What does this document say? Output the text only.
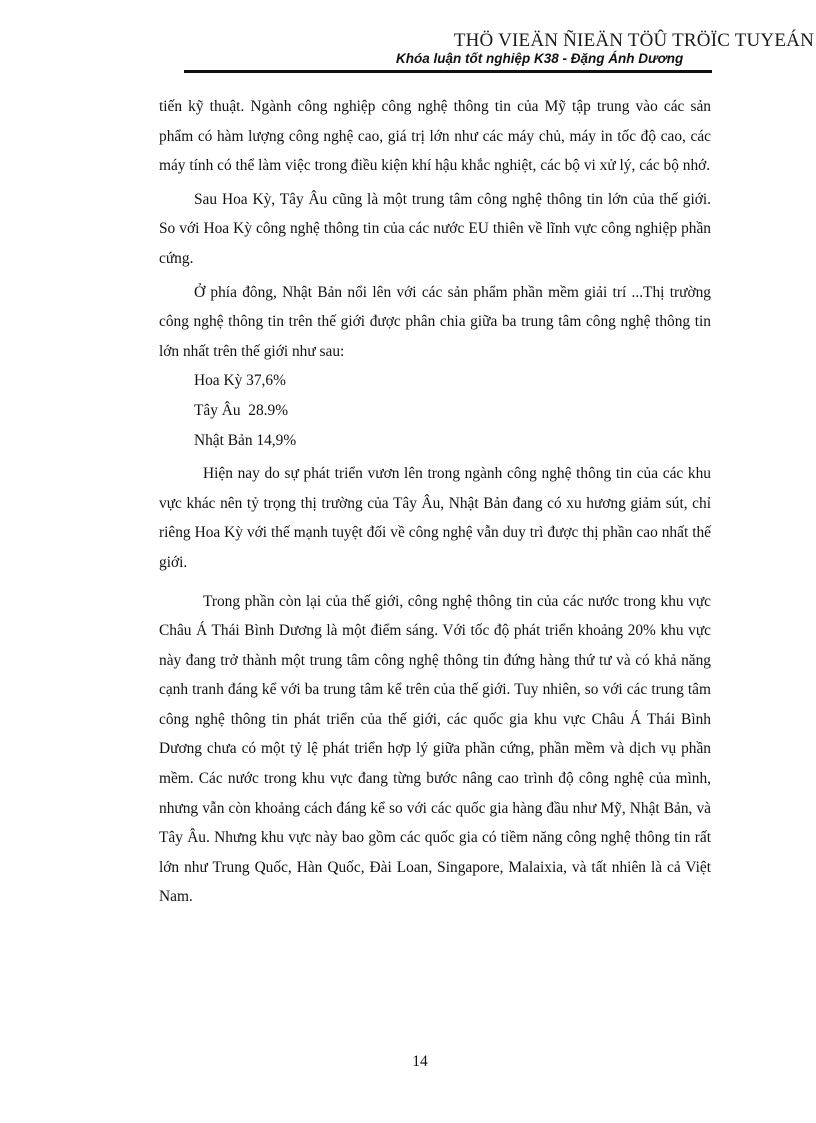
THÖ VIEÄN ÑIEÄN TÖÛ TRÖÏC TUYEÁN
Khóa luận tốt nghiệp K38 - Đặng Ánh Dương

tiến kỹ thuật. Ngành công nghiệp công nghệ thông tin của Mỹ tập trung vào các sản phẩm có hàm lượng công nghệ cao, giá trị lớn như các máy chủ, máy in tốc độ cao, các máy tính có thể làm việc trong điều kiện khí hậu khắc nghiệt, các bộ vi xử lý, các bộ nhớ.

Sau Hoa Kỳ, Tây Âu cũng là một trung tâm công nghệ thông tin lớn của thế giới. So với Hoa Kỳ công nghệ thông tin của các nước EU thiên về lĩnh vực công nghiệp phần cứng.

Ở phía đông, Nhật Bản nổi lên với các sản phẩm phần mềm giải trí ...Thị trường công nghệ thông tin trên thế giới được phân chia giữa ba trung tâm công nghệ thông tin lớn nhất trên thế giới như sau:

Hoa Kỳ 37,6%

Tây Âu  28.9%

Nhật Bản 14,9%

Hiện nay do sự phát triển vươn lên trong ngành công nghệ thông tin của các khu vực khác nên tỷ trọng thị trường của Tây Âu, Nhật Bản đang có xu hương giảm sút, chỉ riêng Hoa Kỳ với thế mạnh tuyệt đối về công nghệ vẫn duy trì được thị phần cao nhất thế giới.

Trong phần còn lại của thế giới, công nghệ thông tin của các nước trong khu vực Châu Á Thái Bình Dương là một điểm sáng. Với tốc độ phát triển khoảng 20% khu vực này đang trở thành một trung tâm công nghệ thông tin đứng hàng thứ tư và có khả năng cạnh tranh đáng kể với ba trung tâm kể trên của thế giới. Tuy nhiên, so với các trung tâm công nghệ thông tin phát triển của thế giới, các quốc gia khu vực Châu Á Thái Bình Dương chưa có một tỷ lệ phát triển hợp lý giữa phần cứng, phần mềm và dịch vụ phần mềm. Các nước trong khu vực đang từng bước nâng cao trình độ công nghệ của mình, nhưng vẫn còn khoảng cách đáng kể so với các quốc gia hàng đầu như Mỹ, Nhật Bản, và Tây Âu. Nhưng khu vực này bao gồm các quốc gia có tiềm năng công nghệ thông tin rất lớn như Trung Quốc, Hàn Quốc, Đài Loan, Singapore, Malaixia, và tất nhiên là cả Việt Nam.

14
